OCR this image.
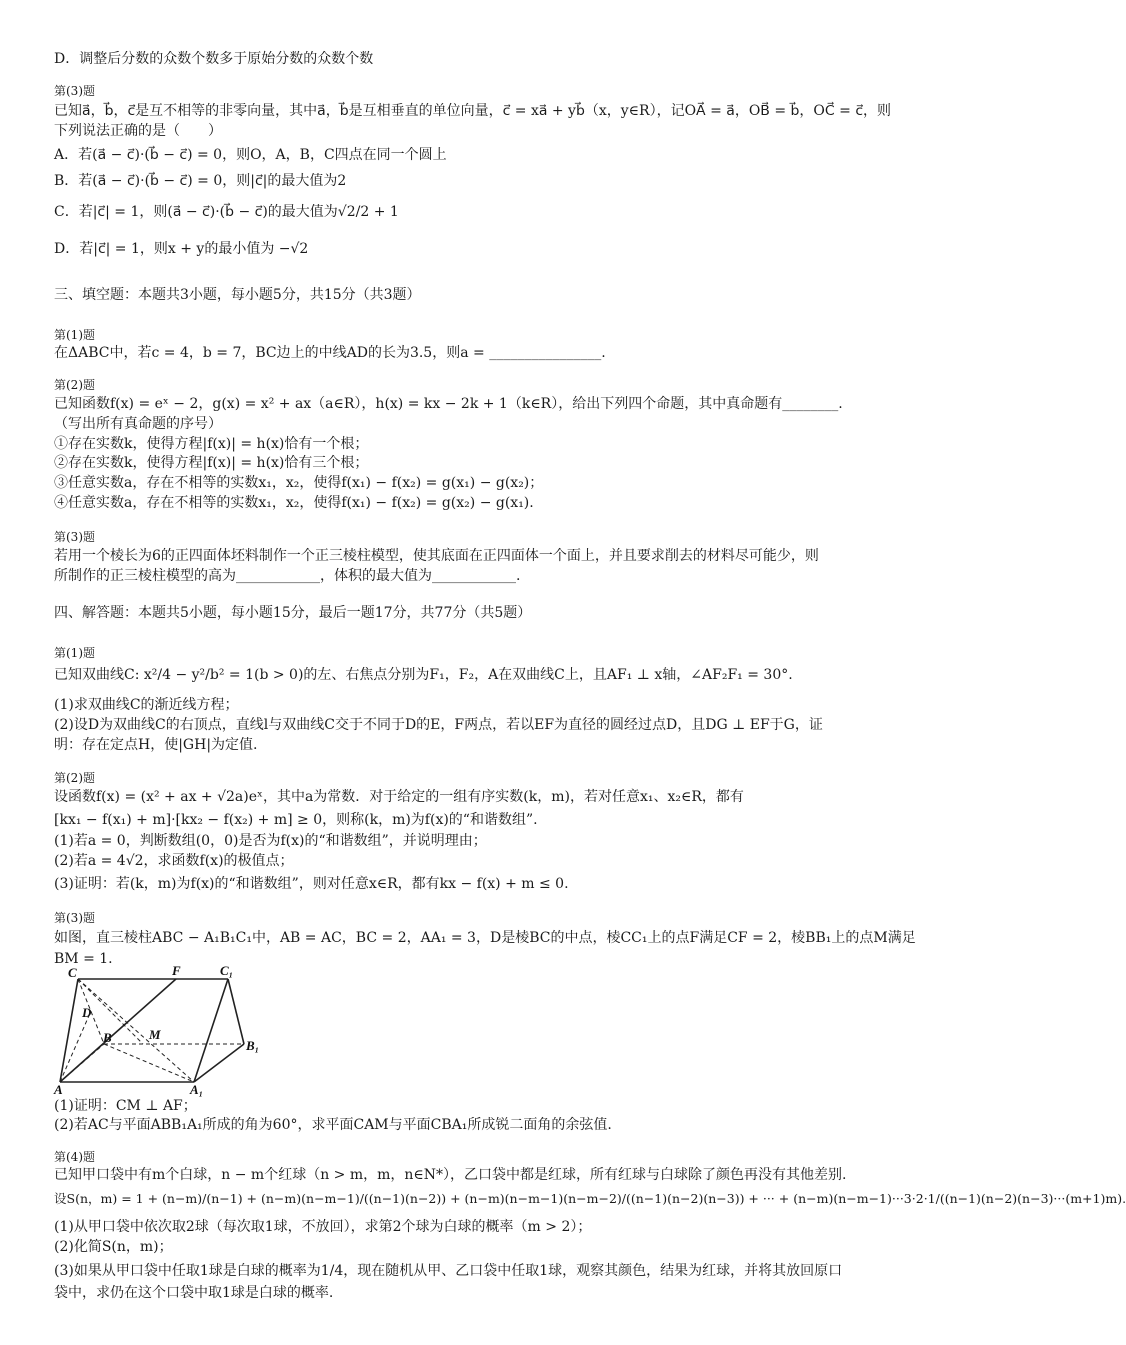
D．调整后分数的众数个数多于原始分数的众数个数
第(3)题
已知a⃗，b⃗，c⃗是互不相等的非零向量，其中a⃗，b⃗是互相垂直的单位向量，c⃗ = xa⃗ + yb⃗（x，y∈R），记OA⃗ = a⃗，OB⃗ = b⃗，OC⃗ = c⃗，则
下列说法正确的是（　　）
A．若(a⃗ − c⃗)·(b⃗ − c⃗) = 0，则O，A，B，C四点在同一个圆上
B．若(a⃗ − c⃗)·(b⃗ − c⃗) = 0，则|c⃗|的最大值为2
C．若|c⃗| = 1，则(a⃗ − c⃗)·(b⃗ − c⃗)的最大值为√2/2 + 1
D．若|c⃗| = 1，则x + y的最小值为 −√2
三、填空题：本题共3小题，每小题5分，共15分（共3题）
第(1)题
在ΔABC中，若c = 4，b = 7，BC边上的中线AD的长为3.5，则a = ________________.
第(2)题
已知函数f(x) = eˣ − 2，g(x) = x² + ax（a∈R），h(x) = kx − 2k + 1（k∈R），给出下列四个命题，其中真命题有________.
（写出所有真命题的序号）
①存在实数k，使得方程|f(x)| = h(x)恰有一个根；
②存在实数k，使得方程|f(x)| = h(x)恰有三个根；
③任意实数a，存在不相等的实数x₁，x₂，使得f(x₁) − f(x₂) = g(x₁) − g(x₂)；
④任意实数a，存在不相等的实数x₁，x₂，使得f(x₁) − f(x₂) = g(x₂) − g(x₁).
第(3)题
若用一个棱长为6的正四面体坯料制作一个正三棱柱模型，使其底面在正四面体一个面上，并且要求削去的材料尽可能少，则
所制作的正三棱柱模型的高为____________，体积的最大值为____________.
四、解答题：本题共5小题，每小题15分，最后一题17分，共77分（共5题）
第(1)题
已知双曲线C: x²/4 − y²/b² = 1(b > 0)的左、右焦点分别为F₁，F₂，A在双曲线C上，且AF₁ ⊥ x轴，∠AF₂F₁ = 30°.
(1)求双曲线C的渐近线方程；
(2)设D为双曲线C的右顶点，直线l与双曲线C交于不同于D的E，F两点，若以EF为直径的圆经过点D，且DG ⊥ EF于G，证
明：存在定点H，使|GH|为定值.
第(2)题
设函数f(x) = (x² + ax + √2a)eˣ，其中a为常数．对于给定的一组有序实数(k，m)，若对任意x₁、x₂∈R，都有
[kx₁ − f(x₁) + m]·[kx₂ − f(x₂) + m] ≥ 0，则称(k，m)为f(x)的“和谐数组”.
(1)若a = 0，判断数组(0，0)是否为f(x)的“和谐数组”，并说明理由；
(2)若a = 4√2，求函数f(x)的极值点；
(3)证明：若(k，m)为f(x)的“和谐数组”，则对任意x∈R，都有kx − f(x) + m ≤ 0.
第(3)题
如图，直三棱柱ABC − A₁B₁C₁中，AB = AC，BC = 2，AA₁ = 3，D是棱BC的中点，棱CC₁上的点F满足CF = 2，棱BB₁上的点M满足
BM = 1.
C	F	C₁
D
B	M
B₁
A	A₁
(1)证明：CM ⊥ AF；
(2)若AC与平面ABB₁A₁所成的角为60°，求平面CAM与平面CBA₁所成锐二面角的余弦值.
第(4)题
已知甲口袋中有m个白球，n − m个红球（n > m，m，n∈N*），乙口袋中都是红球，所有红球与白球除了颜色再没有其他差别.
设S(n，m) = 1 + (n−m)/(n−1) + (n−m)(n−m−1)/((n−1)(n−2)) + (n−m)(n−m−1)(n−m−2)/((n−1)(n−2)(n−3)) + ··· + (n−m)(n−m−1)···3·2·1/((n−1)(n−2)(n−3)···(m+1)m).
(1)从甲口袋中依次取2球（每次取1球，不放回），求第2个球为白球的概率（m > 2）；
(2)化简S(n，m)；
(3)如果从甲口袋中任取1球是白球的概率为1/4，现在随机从甲、乙口袋中任取1球，观察其颜色，结果为红球，并将其放回原口
袋中，求仍在这个口袋中取1球是白球的概率.
